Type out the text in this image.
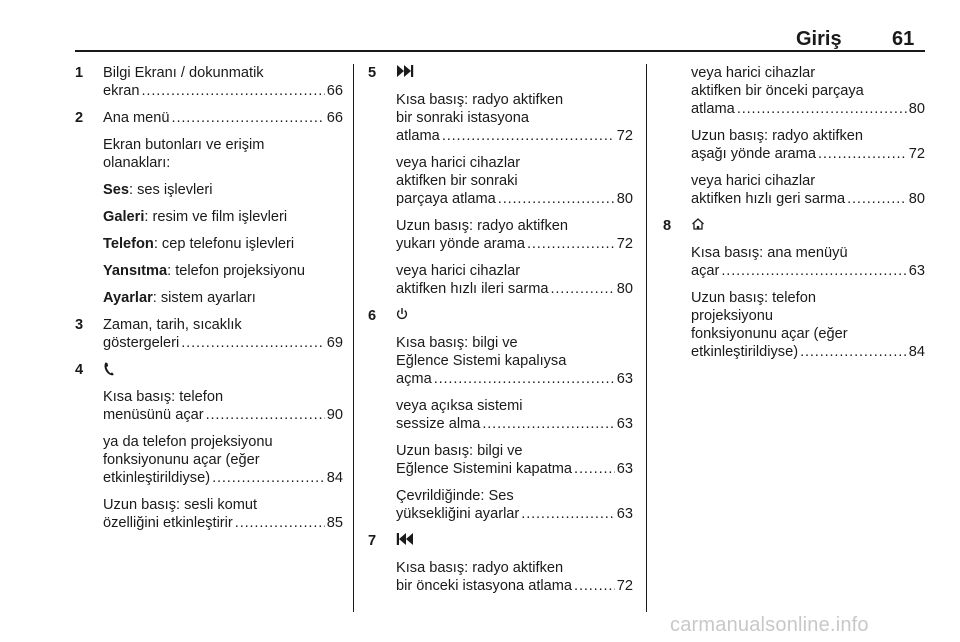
Giriş	61
1 Bilgi Ekranı / dokunmatik
ekran . . .	66
2 Ana menü . . .	66
Ekran butonları ve erişim
olanakları:
Ses: ses işlevleri
Galeri: resim ve film işlevleri
Telefon: cep telefonu işlevleri
Yansıtma: telefon projeksiyonu
Ayarlar: sistem ayarları
3 Zaman, tarih, sıcaklık
göstergeleri . . .	69
4
Kısa basış: telefon
menüsünü açar . . .	90
ya da telefon projeksiyonu
fonksiyonunu açar (eğer
etkinleştirildiyse) . . .	84
Uzun basış: sesli komut
özelliğini etkinleştirir . . .	85
5
Kısa basış: radyo aktifken
bir sonraki istasyona
atlama . . .	72
veya harici cihazlar
aktifken bir sonraki
parçaya atlama . . .	80
Uzun basış: radyo aktifken
yukarı yönde arama . . .	72
veya harici cihazlar
aktifken hızlı ileri sarma . . .	80
6
Kısa basış: bilgi ve
Eğlence Sistemi kapalıysa
açma . . .	63
veya açıksa sistemi
sessize alma . . .	63
Uzun basış: bilgi ve
Eğlence Sistemini kapatma . . .	63
Çevrildiğinde: Ses
yüksekliğini ayarlar . . .	63
7
Kısa basış: radyo aktifken
bir önceki istasyona atlama . . .	72
veya harici cihazlar
aktifken bir önceki parçaya
atlama . . .	80
Uzun basış: radyo aktifken
aşağı yönde arama . . .	72
veya harici cihazlar
aktifken hızlı geri sarma . . .	80
8
Kısa basış: ana menüyü
açar . . .	63
Uzun basış: telefon
projeksiyonu
fonksiyonunu açar (eğer
etkinleştirildiyse) . . .	84
carmanualsonline.info
